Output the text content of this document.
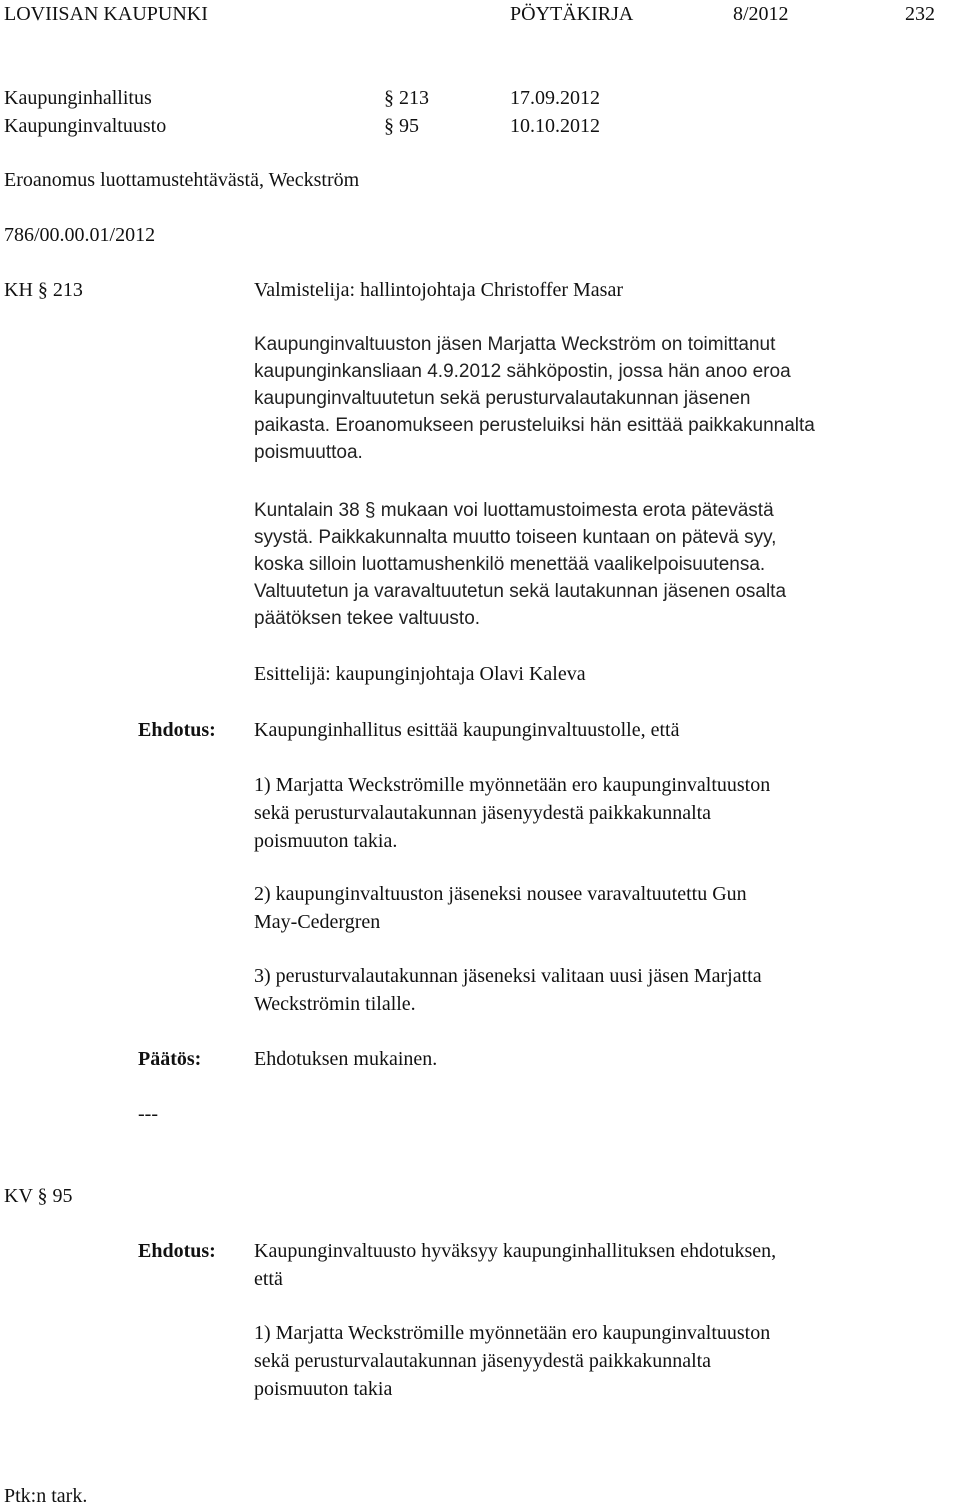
LOVIISAN KAUPUNKI	PÖYTÄKIRJA	8/2012	232
Kaupunginhallitus	§ 213	17.09.2012
Kaupunginvaltuusto	§ 95	10.10.2012
Eroanomus luottamustehtävästä, Weckström
786/00.00.01/2012
KH § 213	Valmistelija: hallintojohtaja Christoffer Masar
Kaupunginvaltuuston jäsen Marjatta Weckström on toimittanut
kaupunginkansliaan 4.9.2012 sähköpostin, jossa hän anoo eroa
kaupunginvaltuutetun sekä perusturvalautakunnan jäsenen
paikasta. Eroanomukseen perusteluiksi hän esittää paikkakunnalta
poismuuttoa.
Kuntalain 38 § mukaan voi luottamustoimesta erota pätevästä
syystä. Paikkakunnalta muutto toiseen kuntaan on pätevä syy,
koska silloin luottamushenkilö menettää vaalikelpoisuutensa.
Valtuutetun ja varavaltuutetun sekä lautakunnan jäsenen osalta
päätöksen tekee valtuusto.
Esittelijä: kaupunginjohtaja Olavi Kaleva
Ehdotus: Kaupunginhallitus esittää kaupunginvaltuustolle, että
1) Marjatta Weckströmille myönnetään ero kaupunginvaltuuston
sekä perusturvalautakunnan jäsenyydestä paikkakunnalta
poismuuton takia.
2) kaupunginvaltuuston jäseneksi nousee varavaltuutettu Gun
May-Cedergren
3) perusturvalautakunnan jäseneksi valitaan uusi jäsen Marjatta
Weckströmin tilalle.
Päätös:	Ehdotuksen mukainen.
---
KV § 95
Ehdotus: Kaupunginvaltuusto hyväksyy kaupunginhallituksen ehdotuksen,
että
1) Marjatta Weckströmille myönnetään ero kaupunginvaltuuston
sekä perusturvalautakunnan jäsenyydestä paikkakunnalta
poismuuton takia
Ptk:n tark.
